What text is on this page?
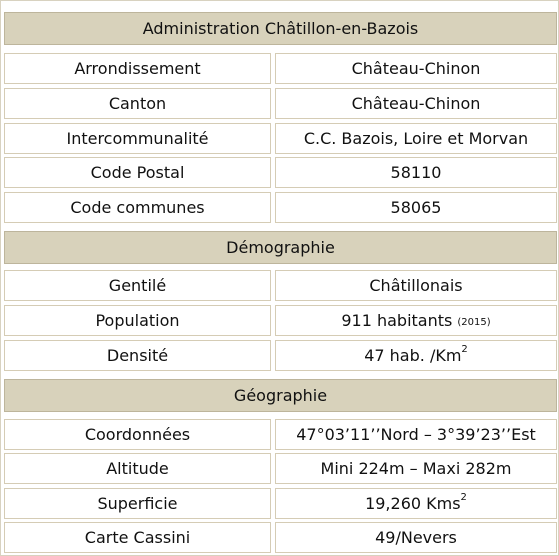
Administration Châtillon-en-Bazois
Arrondissement	Château-Chinon
Canton	Château-Chinon
Intercommunalité	C.C. Bazois, Loire et Morvan
Code Postal	58110
Code communes	58065
Démographie
Gentilé	Châtillonais
Population	911 habitants (2015)
Densité	47 hab. /Km$^2$
Géographie
Coordonnées	47°03’11’’Nord – 3°39’23’’Est
Altitude	Mini 224m – Maxi 282m
Superficie	19,260 Kms$^2$
Carte Cassini	49/Nevers
